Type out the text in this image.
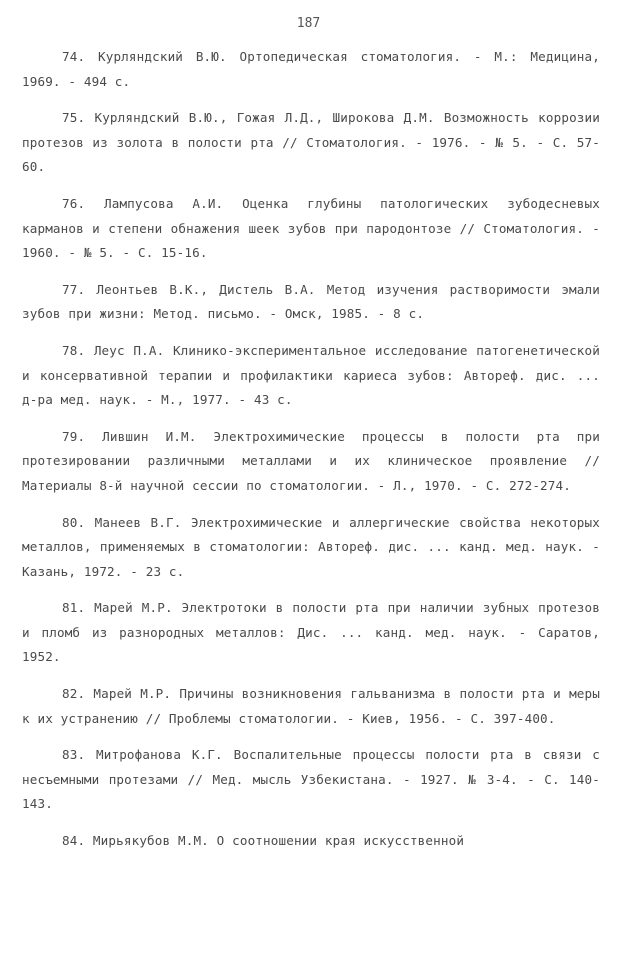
187

74. Курляндский В.Ю. Ортопедическая стоматология. - М.: Медицина, 1969. - 494 с.

75. Курляндский В.Ю., Гожая Л.Д., Широкова Д.М. Возможность коррозии протезов из золота в полости рта // Стоматология. - 1976. - № 5. - С. 57-60.

76. Лампусова А.И. Оценка глубины патологических зубодесневых карманов и степени обнажения шеек зубов при пародонтозе // Стоматология. - 1960. - № 5. - С. 15-16.

77. Леонтьев В.К., Дистель В.А. Метод изучения растворимости эмали зубов при жизни: Метод. письмо. - Омск, 1985. - 8 с.

78. Леус П.А. Клинико-экспериментальное исследование патогенетической и консервативной терапии и профилактики кариеса зубов: Автореф. дис. ... д-ра мед. наук. - М., 1977. - 43 с.

79. Лившин И.М. Электрохимические процессы в полости рта при протезировании различными металлами и их клиническое проявление // Материалы 8-й научной сессии по стоматологии. - Л., 1970. - С. 272-274.

80. Манеев В.Г. Электрохимические и аллергические свойства некоторых металлов, применяемых в стоматологии: Автореф. дис. ... канд. мед. наук. - Казань, 1972. - 23 с.

81. Марей М.Р. Электротоки в полости рта при наличии зубных протезов и пломб из разнородных металлов: Дис. ... канд. мед. наук. - Саратов, 1952.

82. Марей М.Р. Причины возникновения гальванизма в полости рта и меры к их устранению // Проблемы стоматологии. - Киев, 1956. - С. 397-400.

83. Митрофанова К.Г. Воспалительные процессы полости рта в связи с несъемными протезами // Мед. мысль Узбекистана. - 1927. № 3-4. - С. 140-143.

84. Мирьякубов М.М. О соотношении края искусственной
